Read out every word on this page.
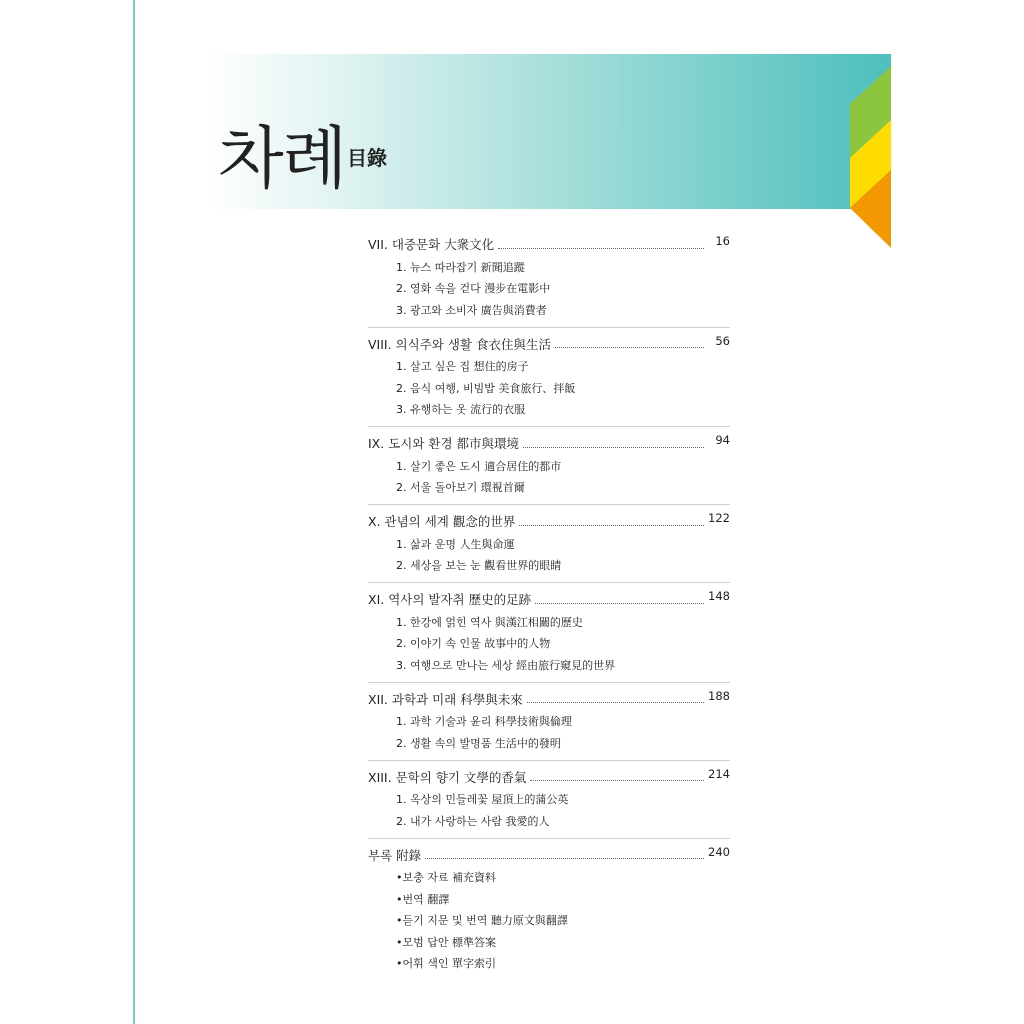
차례 目錄
VII. 대중문화 大衆文化	16
1. 뉴스 따라잡기 新聞追蹤
2. 영화 속을 걷다 漫步在電影中
3. 광고와 소비자 廣告與消費者
VIII. 의식주와 생활 食衣住與生活	56
1. 살고 싶은 집 想住的房子
2. 음식 여행, 비빔밥 美食旅行、拌飯
3. 유행하는 옷 流行的衣服
IX. 도시와 환경 都市與環境	94
1. 살기 좋은 도시 適合居住的都市
2. 서울 돌아보기 環視首爾
X. 관념의 세계 觀念的世界	122
1. 삶과 운명 人生與命運
2. 세상을 보는 눈 觀看世界的眼睛
XI. 역사의 발자취 歷史的足跡	148
1. 한강에 얽힌 역사 與漢江相關的歷史
2. 이야기 속 인물 故事中的人物
3. 여행으로 만나는 세상 經由旅行窺見的世界
XII. 과학과 미래 科學與未來	188
1. 과학 기술과 윤리 科學技術與倫理
2. 생활 속의 발명품 生活中的發明
XIII. 문학의 향기 文學的香氣	214
1. 옥상의 민들레꽃 屋頂上的蒲公英
2. 내가 사랑하는 사람 我愛的人
부록 附錄	240
•보충 자료 補充資料
•번역 翻譯
•듣기 지문 및 번역 聽力原文與翻譯
•모범 답안 標準答案
•어휘 색인 單字索引
